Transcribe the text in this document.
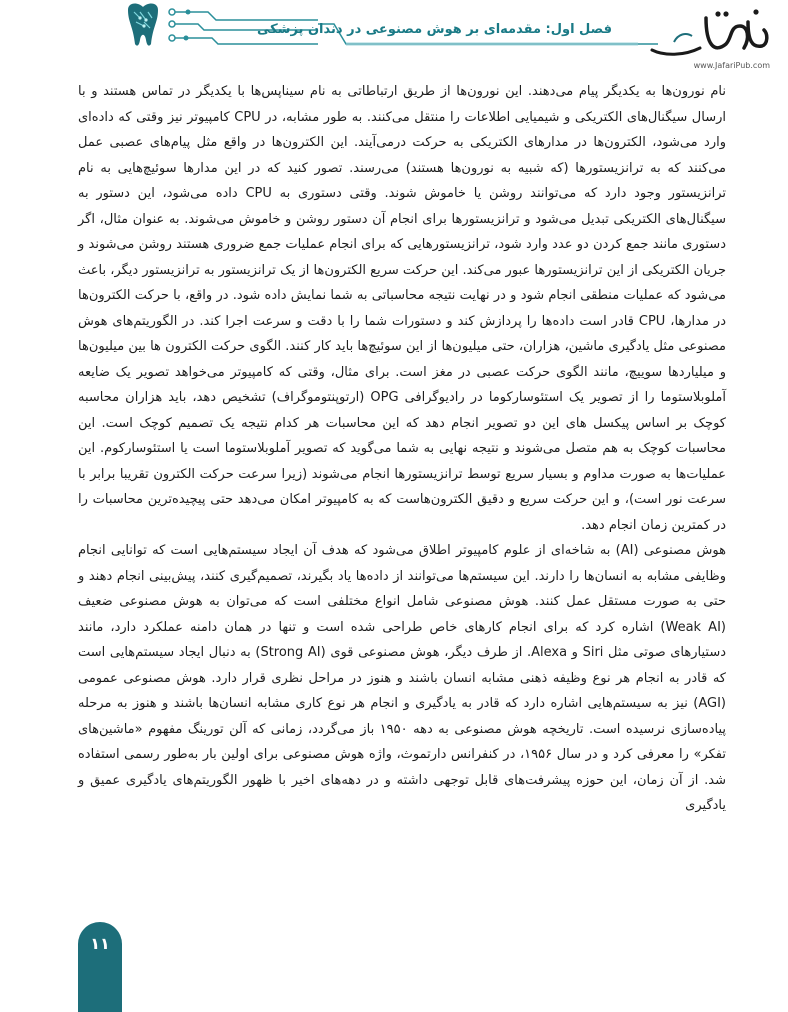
فصل اول: مقدمه‌ای بر هوش مصنوعی در دندان پزشکی
www.JafariPub.com

نام نورون‌ها به یکدیگر پیام می‌دهند. این نورون‌ها از طریق ارتباطاتی به نام سیناپس‌ها با یکدیگر در تماس هستند و با ارسال سیگنال‌های الکتریکی و شیمیایی اطلاعات را منتقل می‌کنند. به طور مشابه، در CPU کامپیوتر نیز وقتی که داده‌ای وارد می‌شود، الکترون‌ها در مدارهای الکتریکی به حرکت درمی‌آیند. این الکترون‌ها در واقع مثل پیام‌های عصبی عمل می‌کنند که به ترانزیستورها (که شبیه به نورون‌ها هستند) می‌رسند. تصور کنید که در این مدارها سوئیچ‌هایی به نام ترانزیستور وجود دارد که می‌توانند روشن یا خاموش شوند. وقتی دستوری به CPU داده می‌شود، این دستور به سیگنال‌های الکتریکی تبدیل می‌شود و ترانزیستورها برای انجام آن دستور روشن و خاموش می‌شوند. به عنوان مثال، اگر دستوری مانند جمع کردن دو عدد وارد شود، ترانزیستورهایی که برای انجام عملیات جمع ضروری هستند روشن می‌شوند و جریان الکتریکی از این ترانزیستورها عبور می‌کند. این حرکت سریع الکترون‌ها از یک ترانزیستور به ترانزیستور دیگر، باعث می‌شود که عملیات منطقی انجام شود و در نهایت نتیجه محاسباتی به شما نمایش داده شود. در واقع، با حرکت الکترون‌ها در مدارها، CPU قادر است داده‌ها را پردازش کند و دستورات شما را با دقت و سرعت اجرا کند. در الگوریتم‌های هوش مصنوعی مثل یادگیری ماشین، هزاران، حتی میلیون‌ها از این سوئیچ‌ها باید کار کنند. الگوی حرکت الکترون ها بین میلیون‌ها و میلیاردها سوییچ، مانند الگوی حرکت عصبی در مغز است. برای مثال، وقتی که کامپیوتر می‌خواهد تصویر یک ضایعه آملوبلاستوما را از تصویر یک استئوسارکوما در رادیوگرافی OPG (ارتوپنتوموگراف) تشخیص دهد، باید هزاران محاسبه کوچک بر اساس پیکسل های این دو تصویر انجام دهد که این محاسبات هر کدام نتیجه یک تصمیم کوچک است. این محاسبات کوچک به هم متصل می‌شوند و نتیجه نهایی به شما می‌گوید که تصویر آملوبلاستوما است یا استئوسارکوم. این عملیات‌ها به صورت مداوم و بسیار سریع توسط ترانزیستورها انجام می‌شوند (زیرا سرعت حرکت الکترون تقریبا برابر با سرعت نور است)، و این حرکت سریع و دقیق الکترون‌هاست که به کامپیوتر امکان می‌دهد حتی پیچیده‌ترین محاسبات را در کمترین زمان انجام دهد.

هوش مصنوعی (AI) به شاخه‌ای از علوم کامپیوتر اطلاق می‌شود که هدف آن ایجاد سیستم‌هایی است که توانایی انجام وظایفی مشابه به انسان‌ها را دارند. این سیستم‌ها می‌توانند از داده‌ها یاد بگیرند، تصمیم‌گیری کنند، پیش‌بینی انجام دهند و حتی به صورت مستقل عمل کنند. هوش مصنوعی شامل انواع مختلفی است که می‌توان به هوش مصنوعی ضعیف (Weak AI) اشاره کرد که برای انجام کارهای خاص طراحی شده است و تنها در همان دامنه عملکرد دارد، مانند دستیارهای صوتی مثل Siri و Alexa. از طرف دیگر، هوش مصنوعی قوی (Strong AI) به دنبال ایجاد سیستم‌هایی است که قادر به انجام هر نوع وظیفه ذهنی مشابه انسان باشند و هنوز در مراحل نظری قرار دارد. هوش مصنوعی عمومی (AGI) نیز به سیستم‌هایی اشاره دارد که قادر به یادگیری و انجام هر نوع کاری مشابه انسان‌ها باشند و هنوز به مرحله پیاده‌سازی نرسیده است. تاریخچه هوش مصنوعی به دهه ۱۹۵۰ باز می‌گردد، زمانی که آلن تورینگ مفهوم «ماشین‌های تفکر» را معرفی کرد و در سال ۱۹۵۶، در کنفرانس دارتموث، واژه هوش مصنوعی برای اولین بار به‌طور رسمی استفاده شد. از آن زمان، این حوزه پیشرفت‌های قابل توجهی داشته و در دهه‌های اخیر با ظهور الگوریتم‌های یادگیری عمیق و یادگیری

۱۱
